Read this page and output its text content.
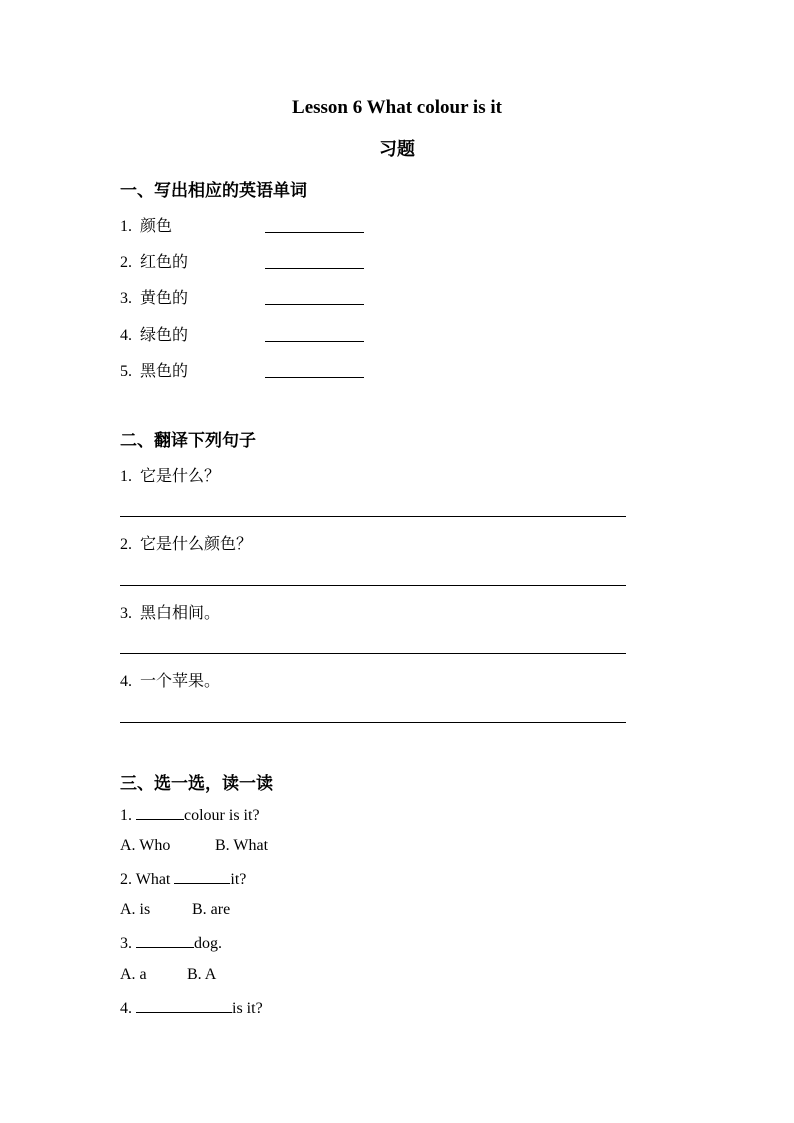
Lesson 6 What colour is it
习题
一、写出相应的英语单词
1. 颜色
2. 红色的
3. 黄色的
4. 绿色的
5. 黑色的
二、翻译下列句子
1. 它是什么？
2. 它是什么颜色？
3. 黑白相间。
4. 一个苹果。
三、选一选，读一读
1.	colour is it?
A. Who	B. What
2. What	it?
A. is	B. are
3.	dog.
A. a	B. A
4.	is it?
